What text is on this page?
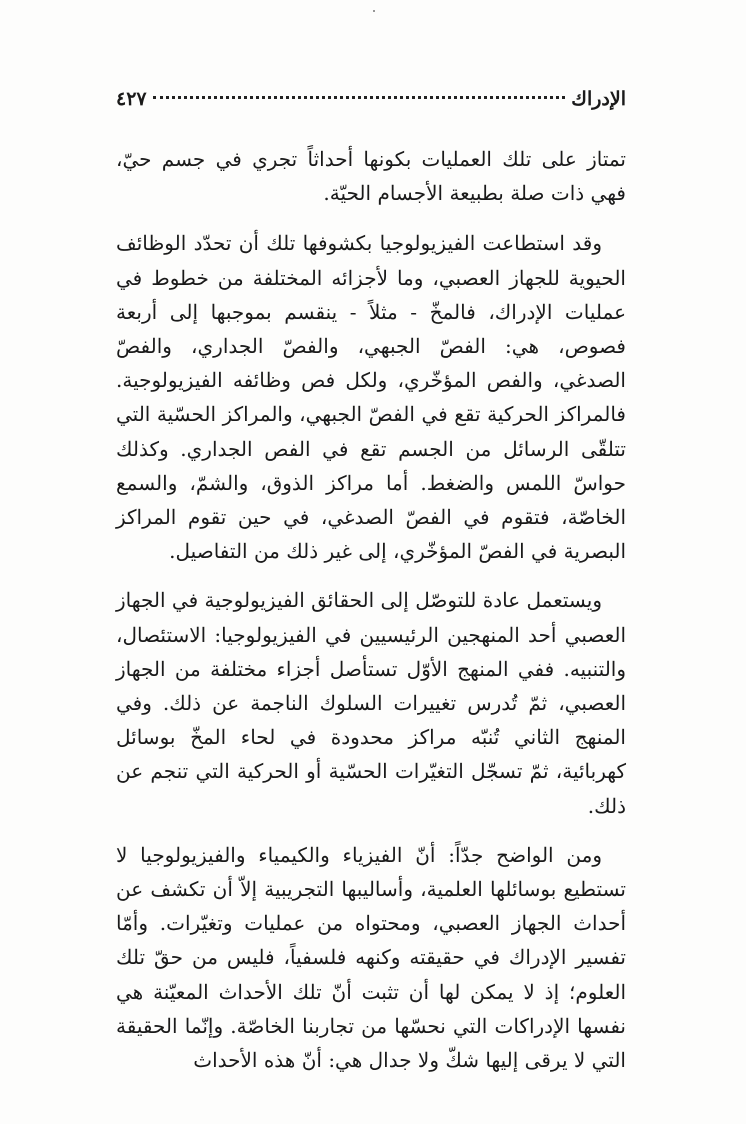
الإدراك
٤٢٧

تمتاز على تلك العمليات بكونها أحداثاً تجري في جسم حيّ، فهي ذات صلة بطبيعة الأجسام الحيّة.

وقد استطاعت الفيزيولوجيا بكشوفها تلك أن تحدّد الوظائف الحيوية للجهاز العصبي، وما لأجزائه المختلفة من خطوط في عمليات الإدراك، فالمخّ - مثلاً - ينقسم بموجبها إلى أربعة فصوص، هي: الفصّ الجبهي، والفصّ الجداري، والفصّ الصدغي، والفص المؤخّري، ولكل فص وظائفه الفيزيولوجية. فالمراكز الحركية تقع في الفصّ الجبهي، والمراكز الحسّية التي تتلقّى الرسائل من الجسم تقع في الفص الجداري. وكذلك حواسّ اللمس والضغط. أما مراكز الذوق، والشمّ، والسمع الخاصّة، فتقوم في الفصّ الصدغي، في حين تقوم المراكز البصرية في الفصّ المؤخّري، إلى غير ذلك من التفاصيل.

ويستعمل عادة للتوصّل إلى الحقائق الفيزيولوجية في الجهاز العصبي أحد المنهجين الرئيسيين في الفيزيولوجيا: الاستئصال، والتنبيه. ففي المنهج الأوّل تستأصل أجزاء مختلفة من الجهاز العصبي، ثمّ تُدرس تغييرات السلوك الناجمة عن ذلك. وفي المنهج الثاني تُنبّه مراكز محدودة في لحاء المخّ بوسائل كهربائية، ثمّ تسجّل التغيّرات الحسّية أو الحركية التي تنجم عن ذلك.

ومن الواضح جدّاً: أنّ الفيزياء والكيمياء والفيزيولوجيا لا تستطيع بوسائلها العلمية، وأساليبها التجريبية إلاّ أن تكشف عن أحداث الجهاز العصبي، ومحتواه من عمليات وتغيّرات. وأمّا تفسير الإدراك في حقيقته وكنهه فلسفياً، فليس من حقّ تلك العلوم؛ إذ لا يمكن لها أن تثبت أنّ تلك الأحداث المعيّنة هي نفسها الإدراكات التي نحسّها من تجاربنا الخاصّة. وإنّما الحقيقة التي لا يرقى إليها شكّ ولا جدال هي: أنّ هذه الأحداث
